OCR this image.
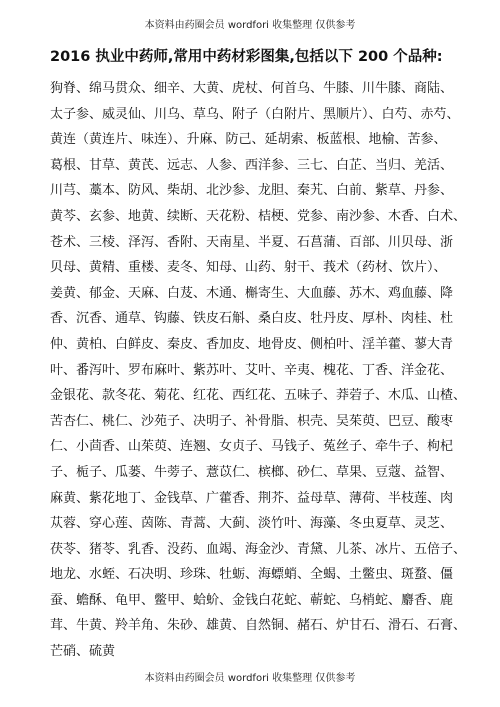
本资料由药圈会员 wordfori 收集整理 仅供参考
2016 执业中药师,常用中药材彩图集,包括以下 200 个品种:
狗脊、绵马贯众、细辛、大黄、虎杖、何首乌、牛膝、川牛膝、商陆、
太子参、威灵仙、川乌、草乌、附子（白附片、黑顺片）、白芍、赤芍、
黄连（黄连片、味连）、升麻、防己、延胡索、板蓝根、地榆、苦参、
葛根、甘草、黄芪、远志、人参、西洋参、三七、白芷、当归、羌活、
川芎、藁本、防风、柴胡、北沙参、龙胆、秦艽、白前、紫草、丹参、
黄芩、玄参、地黄、续断、天花粉、桔梗、党参、南沙参、木香、白术、
苍术、三棱、泽泻、香附、天南星、半夏、石菖蒲、百部、川贝母、浙
贝母、黄精、重楼、麦冬、知母、山药、射干、莪术（药材、饮片）、
姜黄、郁金、天麻、白芨、木通、槲寄生、大血藤、苏木、鸡血藤、降
香、沉香、通草、钩藤、铁皮石斛、桑白皮、牡丹皮、厚朴、肉桂、杜
仲、黄柏、白鲜皮、秦皮、香加皮、地骨皮、侧柏叶、淫羊藿、蓼大青
叶、番泻叶、罗布麻叶、紫苏叶、艾叶、辛夷、槐花、丁香、洋金花、
金银花、款冬花、菊花、红花、西红花、五味子、莽菪子、木瓜、山楂、
苦杏仁、桃仁、沙苑子、决明子、补骨脂、枳壳、吴茱萸、巴豆、酸枣
仁、小茴香、山茱萸、连翘、女贞子、马钱子、菟丝子、牵牛子、枸杞
子、栀子、瓜蒌、牛蒡子、薏苡仁、槟榔、砂仁、草果、豆蔻、益智、
麻黄、紫花地丁、金钱草、广藿香、荆芥、益母草、薄荷、半枝莲、肉
苁蓉、穿心莲、茵陈、青蒿、大蓟、淡竹叶、海藻、冬虫夏草、灵芝、
茯苓、猪苓、乳香、没药、血竭、海金沙、青黛、儿茶、冰片、五倍子、
地龙、水蛭、石决明、珍珠、牡蛎、海螵蛸、全蝎、土鳖虫、斑蝥、僵
蚕、蟾酥、龟甲、鳖甲、蛤蚧、金钱白花蛇、蕲蛇、乌梢蛇、麝香、鹿
茸、牛黄、羚羊角、朱砂、雄黄、自然铜、赭石、炉甘石、滑石、石膏、
芒硝、硫黄
本资料由药圈会员 wordfori 收集整理 仅供参考
